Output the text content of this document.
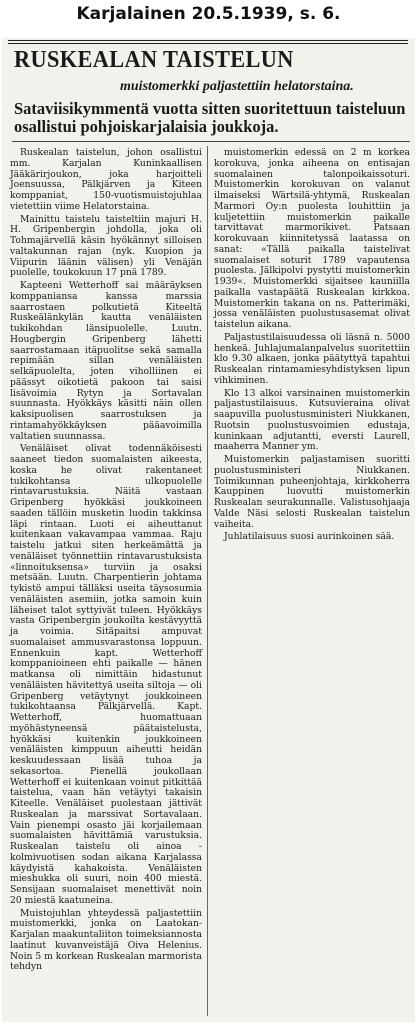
Karjalainen 20.5.1939, s. 6.
RUSKEALAN TAISTELUN
muistomerkki paljastettiin helatorstaina.
Sataviisikymmentä vuotta sitten suoritettuun taisteluun osallistui pohjoiskarjalaisia joukkoja.

Ruskealan taistelun, johon osallistui mm. Karjalan Kuninkaallisen Jääkärirjoukon, joka harjoitteli Joensuussa, Pälkjärven ja Kiteen komppaniat, 150-vuotismuistojuhlaa vietettiin viime Helatorstaina.

Mainittu taistelu taisteltiin majuri H. H. Gripenbergin johdolla, joka oli Tohmajärvellä käsin hyökännyt silloisen valtakunnan rajan (nyk. Kuopion ja Viipurin läänin välisen) yli Venäjän puolelle, toukokuun 17 pnä 1789.

Kapteeni Wetterhoff sai määräyksen komppaniansa kanssa marssia saarrostaen polkutietä Kiteeltä Ruskeälänkylän kautta venäläisten tukikohdan länsipuolelle. Luutn. Hougbergin Gripenberg lähetti saarrostamaan itäpuolitse sekä samalla repimään sillan venäläisten selkäpuolelta, joten viholliinen ei päässyt oikotietä pakoon tai saisi lisävoimia Rytyn ja Sortavalan suunnasta. Hyökkäys käsitti näin ollen kaksipuolisen saarrostuksen ja rintamahyökkäyksen pääavoimilla valtatien suunnassa.

Venäläiset olivat todennäköisesti saaneet tiedon suomalaisten aikeesta, koska he olivat rakentaneet tukikohtansa ulkopuolelle rintavarustuksia. Näitä vastaan Gripenberg hyökkäsi joukkoineen saaden tällöin musketin luodin takkinsa läpi rintaan. Luoti ei aiheuttanut kuitenkaan vakavampaa vammaa. Raju taistelu jatkui siten herkeämättä ja venäläiset työnnettiin rintavarustuksista «linnoituksensa» turviin ja osaksi metsään. Luutn. Charpentierin johtama tykistö ampui tälläksi useita täysosumia venäläisten asemiin, jotka samoin kuin läheiset talot syttyivät tuleen. Hyökkäys vasta Gripenbergin joukoilta kestävyyttä ja voimia. Sitäpaitsi ampuvat suomalaiset ammusvarastonsa loppuun. Ennenkuin kapt. Wetterhoff komppanioineen ehti paikalle — hänen matkansa oli nimittäin hidastunut venäläisten hävitettyä useita siltoja — oli Gripenberg vetäytynyt joukkoineen tukikohtaansa Pälkjärvellä. Kapt. Wetterhoff, huomattuaan myöhästyneensä päätaistelusta, hyökkäsi kuitenkin joukkoineen venäläisten kimppuun aiheutti heidän keskuudessaan lisää tuhoa ja sekasortoa. Pienellä joukollaan Wetterhoff ei kuitenkaan voinut pitkittää taistelua, vaan hän vetäytyi takaisin Kiteelle. Venäläiset puolestaan jättivät Ruskealan ja marssivat Sortavalaan. Vain pienempi osasto jäi korjailemaan suomalaisten hävittämiä varustuksia. Ruskealan taistelu oli ainoa -kolmivuotisen sodan aikana Karjalassa käydyistä kahakoista. Venäläisten mieshukka oli suuri, noin 400 miestä. Sensijaan suomalaiset menettivät noin 20 miestä kaatuneina.

Muistojuhlan yhteydessä paljastettiin muistomerkki, jonka on Laatokan-Karjalan maakuntaliiton toimeksiannosta laatinut kuvanveistäjä Oiva Helenius. Noin 5 m korkean Ruskealan marmorista tehdyn

muistomerkin edessä on 2 m korkea korokuva, jonka aiheena on entisajan suomalainen talonpoikaissoturi. Muistomerkin korokuvan on valanut ilmaiseksi Wärtsilä-yhtymä, Ruskealan Marmori Oy:n puolesta louhittiin ja kuljetettiin muistomerkin paikalle tarvittavat marmorikivet. Patsaan korokuvaan kiinnitetyssä laatassa on sanat: «Tällä paikalla taistelivat suomalaiset soturit 1789 vapautensa puolesta. Jälkipolvi pystytti muistomerkin 1939«. Muistomerkki sijaitsee kauniilla paikalla vastapäätä Ruskealan kirkkoa. Muistomerkin takana on ns. Patterimäki, jossa venäläisten puolustusasemat olivat taistelun aikana.

Paljastustilaisuudessa oli läsnä n. 5000 henkeä. Juhlajumalanpalvelus suoritettiin klo 9.30 alkaen, jonka päätyttyä tapahtui Ruskealan rintamamiesyhdistyksen lipun vihkiminen.

Klo 13 alkoi varsinainen muistomerkin paljastustilaisuus. Kutsuvieraina olivat saapuvilla puolustusministeri Niukkanen, Ruotsin puolustusvoimien edustaja, kuninkaan adjutantti, eversti Laurell, maaherra Manner ym.

Muistomerkin paljastamisen suoritti puolustusministeri Niukkanen. Toimikunnan puheenjohtaja, kirkkoherra Kauppinen luovutti muistomerkin Ruskealan seurakunnalle. Valistusohjaaja Valde Näsi selosti Ruskealan taistelun vaiheita.

Juhlatilaisuus suosi aurinkoinen sää.
